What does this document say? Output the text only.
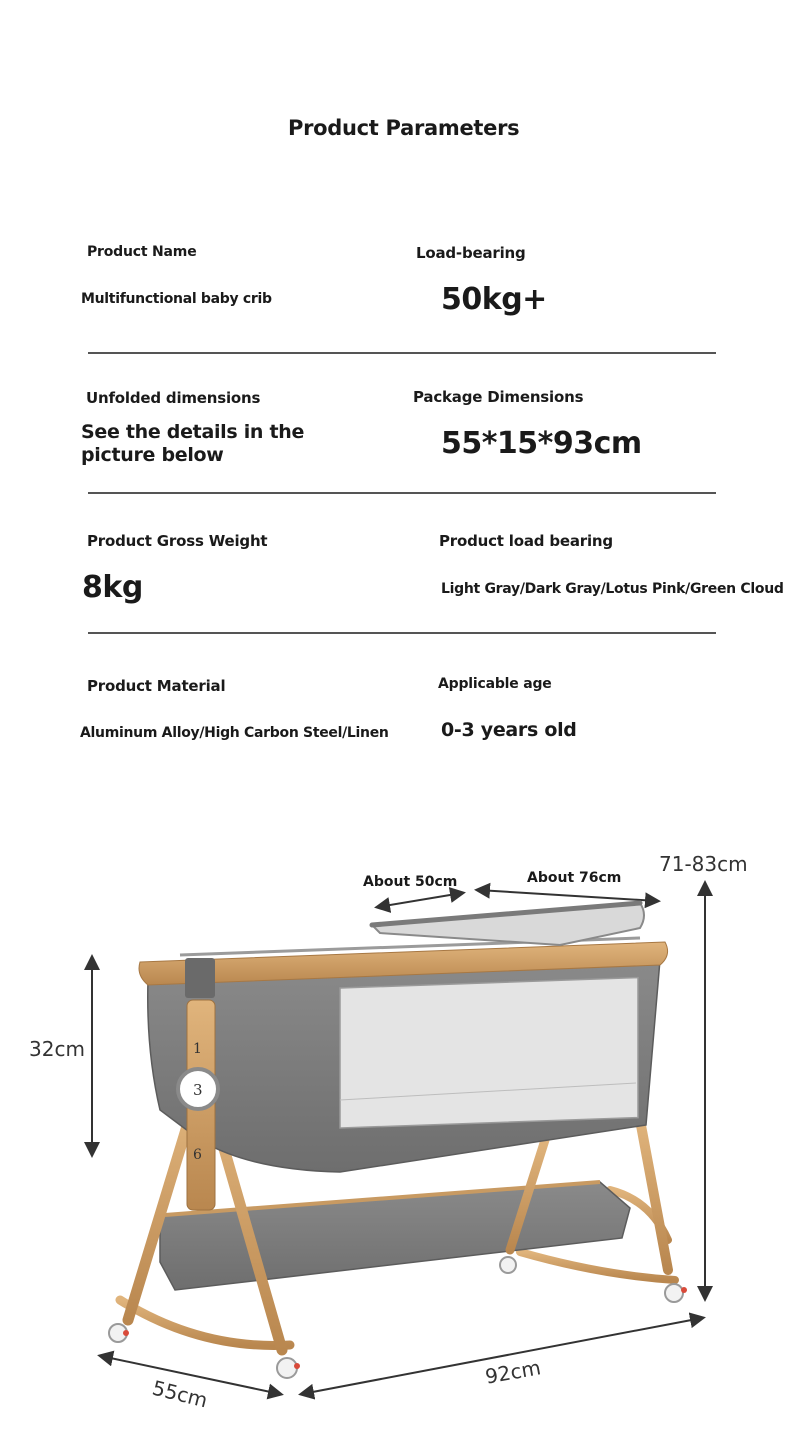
Product Parameters
Product Name	Load-bearing
Multifunctional baby crib	50kg+
Unfolded dimensions	Package Dimensions
See the details in the
picture below	55*15*93cm
Product Gross Weight	Product load bearing
8kg	Light Gray/Dark Gray/Lotus Pink/Green Cloud
Product Material	Applicable age
Aluminum Alloy/High Carbon Steel/Linen	0-3 years old
About 50cm	About 76cm
71-83cm
32cm
92cm
55cm
1
3
6
